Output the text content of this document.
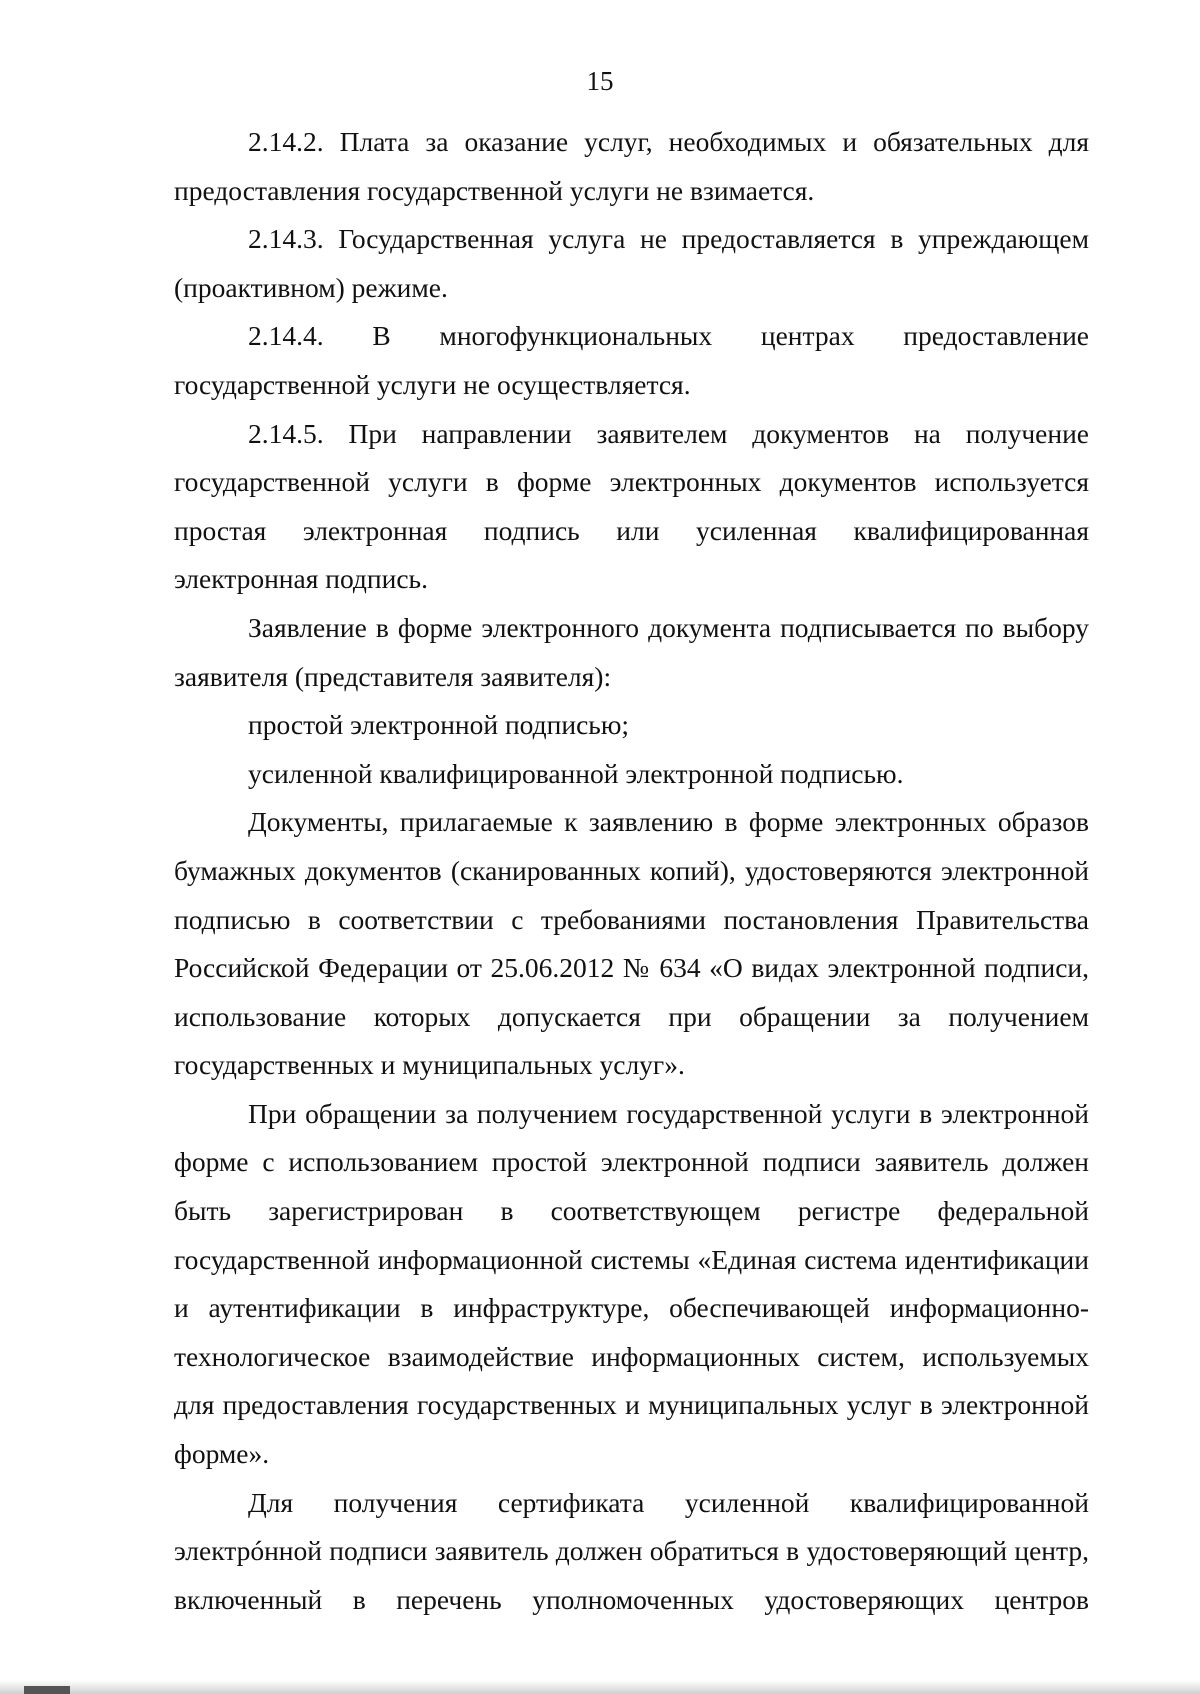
15

2.14.2. Плата за оказание услуг, необходимых и обязательных для предоставления государственной услуги не взимается.

2.14.3. Государственная услуга не предоставляется в упреждающем (проактивном) режиме.

2.14.4. В многофункциональных центрах предоставление государственной услуги не осуществляется.

2.14.5. При направлении заявителем документов на получение государственной услуги в форме электронных документов используется простая электронная подпись или усиленная квалифицированная электронная подпись.

Заявление в форме электронного документа подписывается по выбору заявителя (представителя заявителя):

простой электронной подписью;

усиленной квалифицированной электронной подписью.

Документы, прилагаемые к заявлению в форме электронных образов бумажных документов (сканированных копий), удостоверяются электронной подписью в соответствии с требованиями постановления Правительства Российской Федерации от 25.06.2012 № 634 «О видах электронной подписи, использование которых допускается при обращении за получением государственных и муниципальных услуг».

При обращении за получением государственной услуги в электронной форме с использованием простой электронной подписи заявитель должен быть зарегистрирован в соответствующем регистре федеральной государственной информационной системы «Единая система идентификации и аутентификации в инфраструктуре, обеспечивающей информационно-технологическое взаимодействие информационных систем, используемых для предоставления государственных и муниципальных услуг в электронной форме».

Для получения сертификата усиленной квалифицированной электрóнной подписи заявитель должен обратиться в удостоверяющий центр, включенный в перечень уполномоченных удостоверяющих центров
